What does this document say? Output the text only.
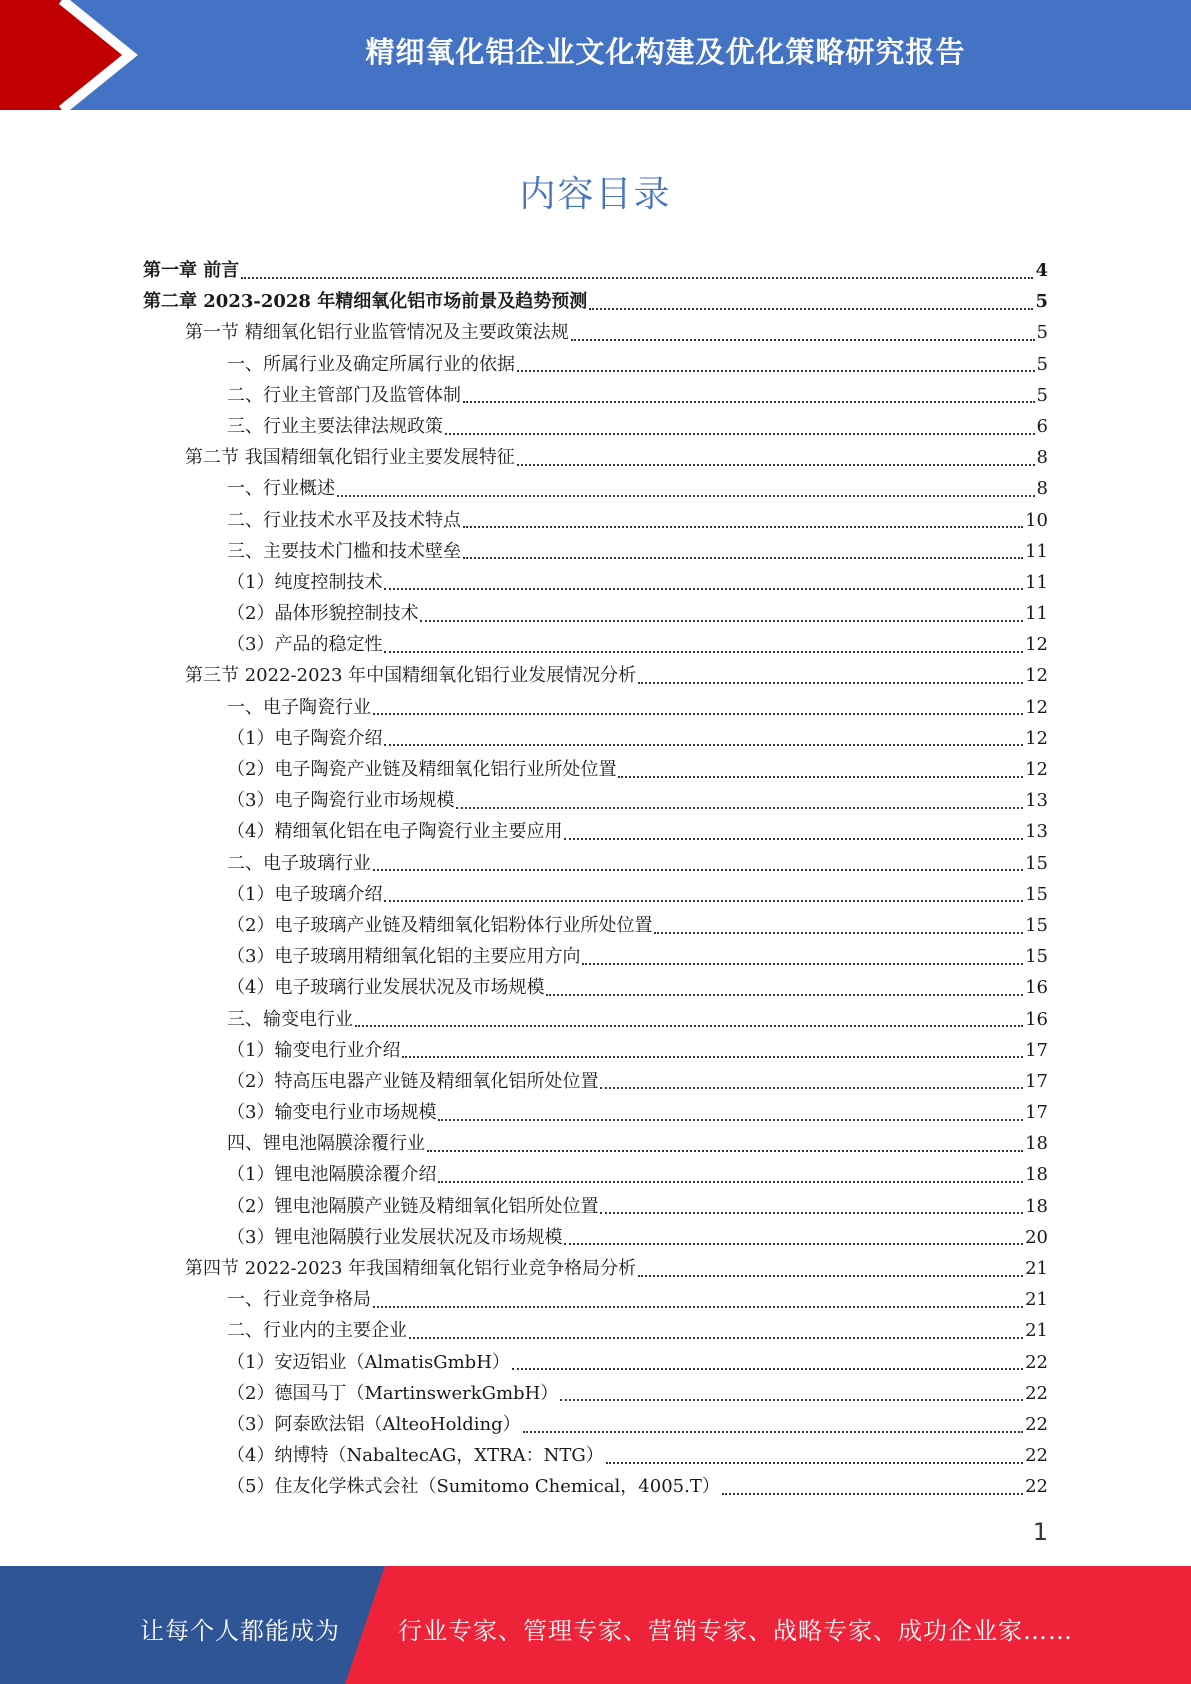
精细氧化铝企业文化构建及优化策略研究报告
内容目录
第一章 前言	4
第二章 2023-2028 年精细氧化铝市场前景及趋势预测	5
第一节 精细氧化铝行业监管情况及主要政策法规	5
一、所属行业及确定所属行业的依据	5
二、行业主管部门及监管体制	5
三、行业主要法律法规政策	6
第二节 我国精细氧化铝行业主要发展特征	8
一、行业概述	8
二、行业技术水平及技术特点	10
三、主要技术门槛和技术壁垒	11
（1）纯度控制技术	11
（2）晶体形貌控制技术	11
（3）产品的稳定性	12
第三节 2022-2023 年中国精细氧化铝行业发展情况分析	12
一、电子陶瓷行业	12
（1）电子陶瓷介绍	12
（2）电子陶瓷产业链及精细氧化铝行业所处位置	12
（3）电子陶瓷行业市场规模	13
（4）精细氧化铝在电子陶瓷行业主要应用	13
二、电子玻璃行业	15
（1）电子玻璃介绍	15
（2）电子玻璃产业链及精细氧化铝粉体行业所处位置	15
（3）电子玻璃用精细氧化铝的主要应用方向	15
（4）电子玻璃行业发展状况及市场规模	16
三、输变电行业	16
（1）输变电行业介绍	17
（2）特高压电器产业链及精细氧化铝所处位置	17
（3）输变电行业市场规模	17
四、锂电池隔膜涂覆行业	18
（1）锂电池隔膜涂覆介绍	18
（2）锂电池隔膜产业链及精细氧化铝所处位置	18
（3）锂电池隔膜行业发展状况及市场规模	20
第四节 2022-2023 年我国精细氧化铝行业竞争格局分析	21
一、行业竞争格局	21
二、行业内的主要企业	21
（1）安迈铝业（AlmatisGmbH）	22
（2）德国马丁（MartinswerkGmbH）	22
（3）阿泰欧法铝（AlteoHolding）	22
（4）纳博特（NabaltecAG，XTRA：NTG）	22
（5）住友化学株式会社（Sumitomo Chemical，4005.T）	22
1
让每个人都能成为 行业专家、管理专家、营销专家、战略专家、成功企业家……
